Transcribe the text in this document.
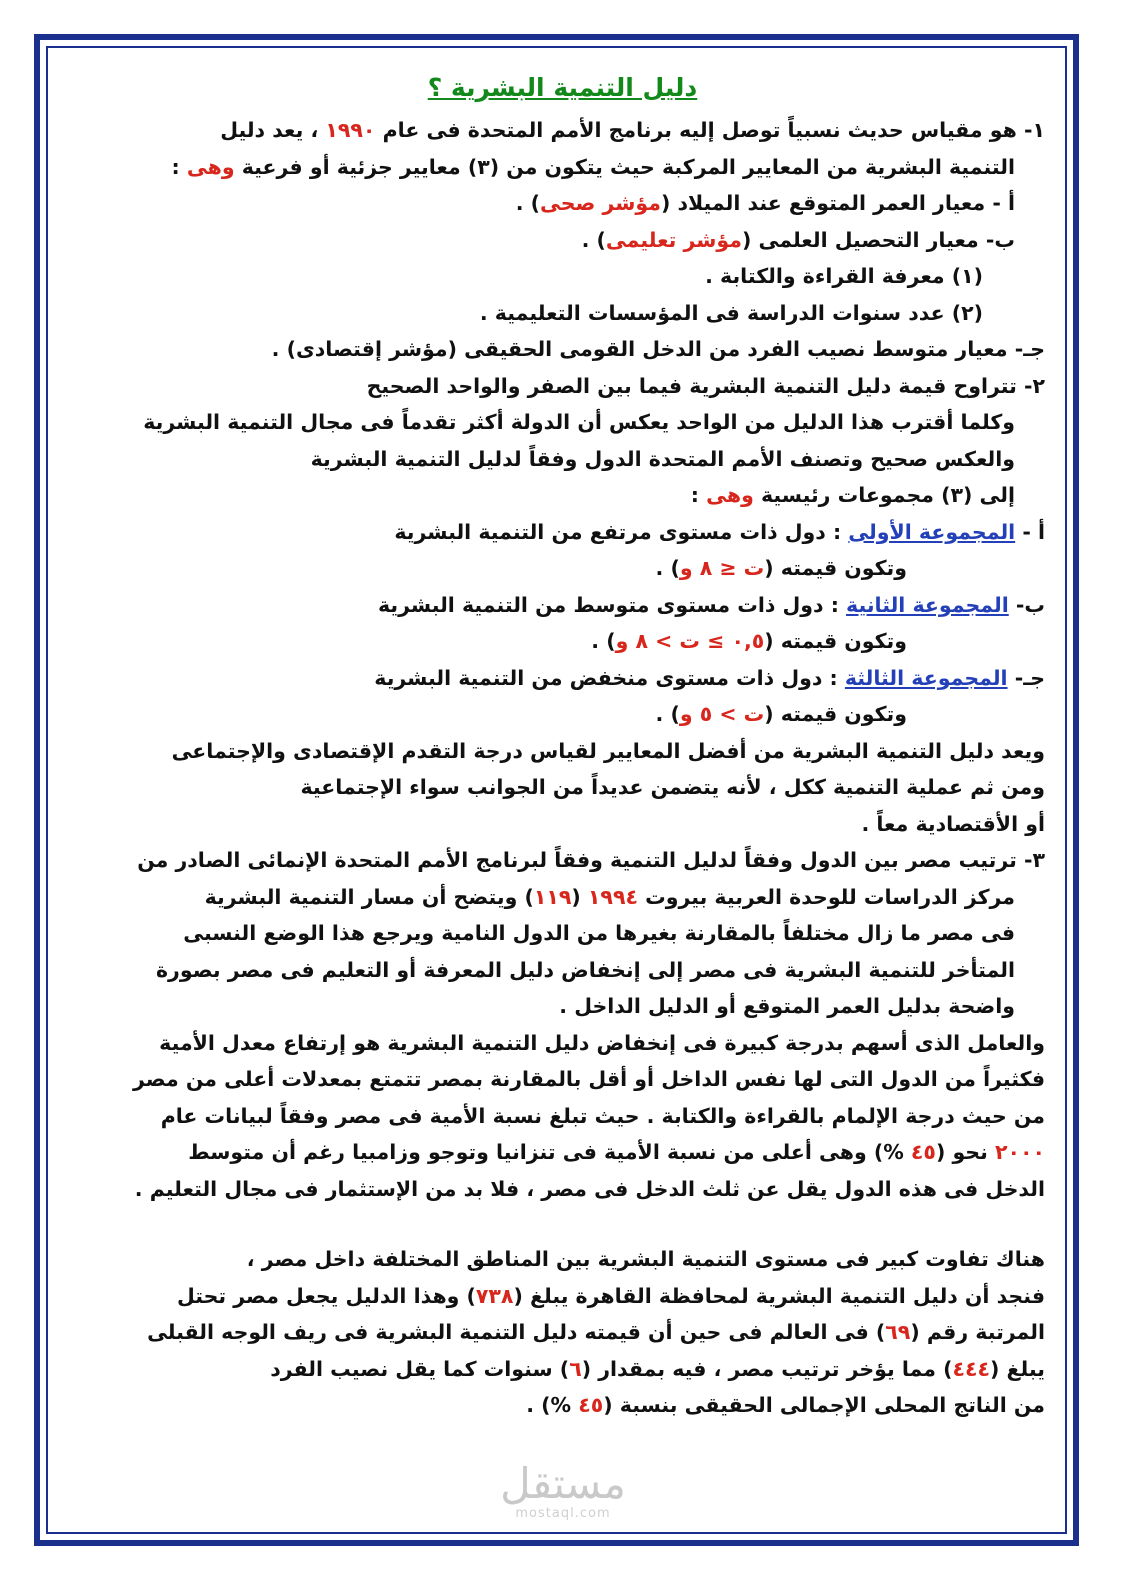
دليل التنمية البشرية ؟

١- هو مقياس حديث نسبياً توصل إليه برنامج الأمم المتحدة فى عام ١٩٩٠ ، يعد دليل

التنمية البشرية من المعايير المركبة حيث يتكون من (٣) معايير جزئية أو فرعية وهى :

أ - معيار العمر المتوقع عند الميلاد (مؤشر صحى) .

ب- معيار التحصيل العلمى (مؤشر تعليمى) .

(١) معرفة القراءة والكتابة .

(٢) عدد سنوات الدراسة فى المؤسسات التعليمية .

جـ- معيار متوسط نصيب الفرد من الدخل القومى الحقيقى (مؤشر إقتصادى) .

٢- تتراوح قيمة دليل التنمية البشرية فيما بين الصفر والواحد الصحيح

وكلما أقترب هذا الدليل من الواحد يعكس أن الدولة أكثر تقدماً فى مجال التنمية البشرية

والعكس صحيح وتصنف الأمم المتحدة الدول وفقاً لدليل التنمية البشرية

إلى (٣) مجموعات رئيسية وهى :

أ - المجموعة الأولى : دول ذات مستوى مرتفع من التنمية البشرية

وتكون قيمته (ت ≤ ٨ و) .

ب- المجموعة الثانية : دول ذات مستوى متوسط من التنمية البشرية

وتكون قيمته (٠,٥ ≥ ت > ٨ و) .

جـ- المجموعة الثالثة : دول ذات مستوى منخفض من التنمية البشرية

وتكون قيمته (ت > ٥ و) .

ويعد دليل التنمية البشرية من أفضل المعايير لقياس درجة التقدم الإقتصادى والإجتماعى

ومن ثم عملية التنمية ككل ، لأنه يتضمن عديداً من الجوانب سواء الإجتماعية

أو الأقتصادية معاً .

٣- ترتيب مصر بين الدول وفقاً لدليل التنمية وفقاً لبرنامج الأمم المتحدة الإنمائى الصادر من

مركز الدراسات للوحدة العربية بيروت ١٩٩٤ (١١٩) ويتضح أن مسار التنمية البشرية

فى مصر ما زال مختلفاً بالمقارنة بغيرها من الدول النامية ويرجع هذا الوضع النسبى

المتأخر للتنمية البشرية فى مصر إلى إنخفاض دليل المعرفة أو التعليم فى مصر بصورة

واضحة بدليل العمر المتوقع أو الدليل الداخل .

والعامل الذى أسهم بدرجة كبيرة فى إنخفاض دليل التنمية البشرية هو إرتفاع معدل الأمية

فكثيراً من الدول التى لها نفس الداخل أو أقل بالمقارنة بمصر تتمتع بمعدلات أعلى من مصر

من حيث درجة الإلمام بالقراءة والكتابة . حيث تبلغ نسبة الأمية فى مصر وفقاً لبيانات عام

٢٠٠٠ نحو (٤٥ %) وهى أعلى من نسبة الأمية فى تنزانيا وتوجو وزامبيا رغم أن متوسط

الدخل فى هذه الدول يقل عن ثلث الدخل فى مصر ، فلا بد من الإستثمار فى مجال التعليم .

هناك تفاوت كبير فى مستوى التنمية البشرية بين المناطق المختلفة داخل مصر ،

فنجد أن دليل التنمية البشرية لمحافظة القاهرة يبلغ (٧٣٨) وهذا الدليل يجعل مصر تحتل

المرتبة رقم (٦٩) فى العالم فى حين أن قيمته دليل التنمية البشرية فى ريف الوجه القبلى

يبلغ (٤٤٤) مما يؤخر ترتيب مصر ، فيه بمقدار (٦) سنوات كما يقل نصيب الفرد

من الناتج المحلى الإجمالى الحقيقى بنسبة (٤٥ %) .

مستقل
mostaql.com
